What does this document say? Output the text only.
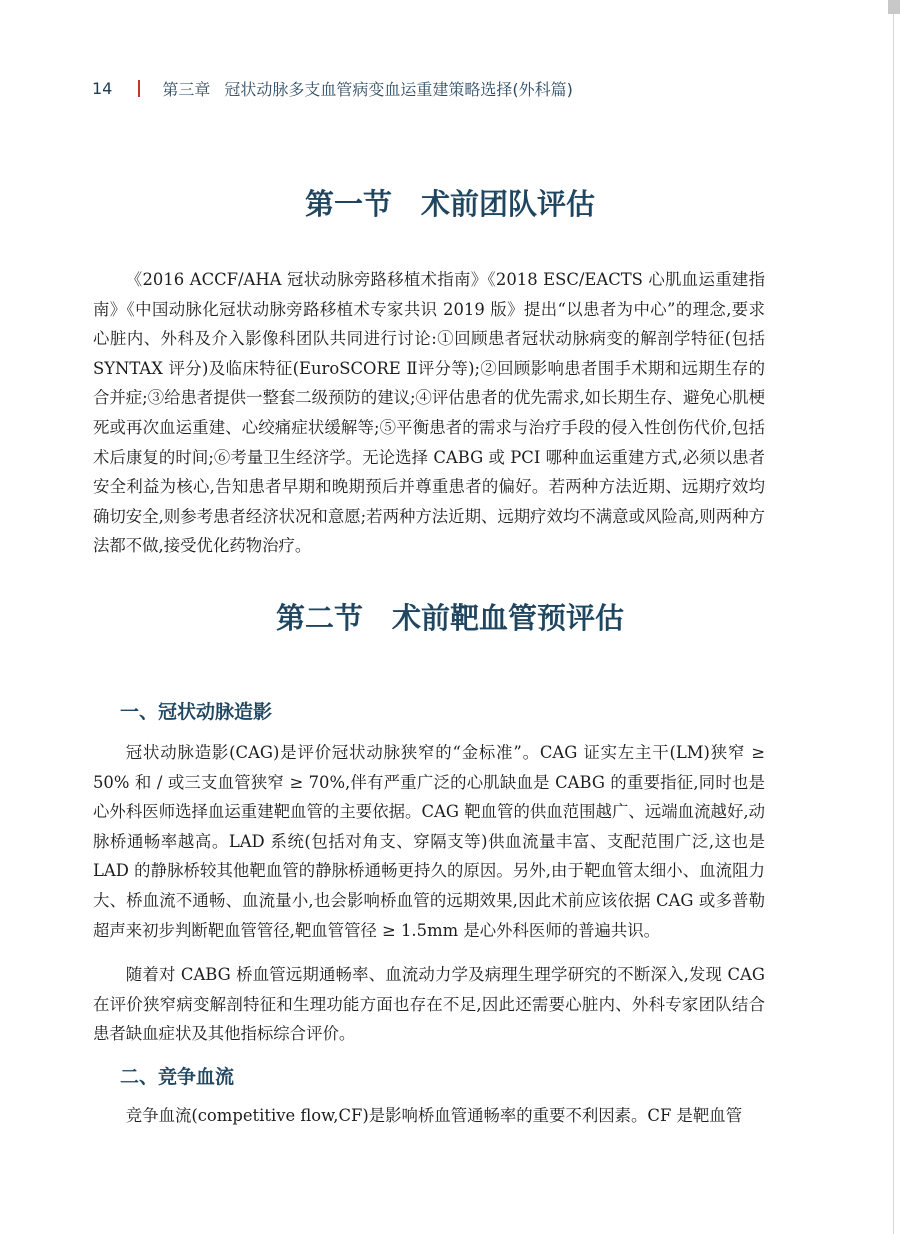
14	第三章 冠状动脉多支血管病变血运重建策略选择(外科篇)
第一节　术前团队评估

《2016 ACCF/AHA 冠状动脉旁路移植术指南》《2018 ESC/EACTS 心肌血运重建指南》《中国动脉化冠状动脉旁路移植术专家共识 2019 版》提出“以患者为中心”的理念,要求心脏内、外科及介入影像科团队共同进行讨论:①回顾患者冠状动脉病变的解剖学特征(包括 SYNTAX 评分)及临床特征(EuroSCORE Ⅱ评分等);②回顾影响患者围手术期和远期生存的合并症;③给患者提供一整套二级预防的建议;④评估患者的优先需求,如长期生存、避免心肌梗死或再次血运重建、心绞痛症状缓解等;⑤平衡患者的需求与治疗手段的侵入性创伤代价,包括术后康复的时间;⑥考量卫生经济学。无论选择 CABG 或 PCI 哪种血运重建方式,必须以患者安全利益为核心,告知患者早期和晚期预后并尊重患者的偏好。若两种方法近期、远期疗效均确切安全,则参考患者经济状况和意愿;若两种方法近期、远期疗效均不满意或风险高,则两种方法都不做,接受优化药物治疗。

第二节　术前靶血管预评估
一、冠状动脉造影

冠状动脉造影(CAG)是评价冠状动脉狭窄的“金标准”。CAG 证实左主干(LM)狭窄 ≥ 50% 和 / 或三支血管狭窄 ≥ 70%,伴有严重广泛的心肌缺血是 CABG 的重要指征,同时也是心外科医师选择血运重建靶血管的主要依据。CAG 靶血管的供血范围越广、远端血流越好,动脉桥通畅率越高。LAD 系统(包括对角支、穿隔支等)供血流量丰富、支配范围广泛,这也是 LAD 的静脉桥较其他靶血管的静脉桥通畅更持久的原因。另外,由于靶血管太细小、血流阻力大、桥血流不通畅、血流量小,也会影响桥血管的远期效果,因此术前应该依据 CAG 或多普勒超声来初步判断靶血管管径,靶血管管径 ≥ 1.5mm 是心外科医师的普遍共识。

随着对 CABG 桥血管远期通畅率、血流动力学及病理生理学研究的不断深入,发现 CAG 在评价狭窄病变解剖特征和生理功能方面也存在不足,因此还需要心脏内、外科专家团队结合患者缺血症状及其他指标综合评价。

二、竞争血流

竞争血流(competitive flow,CF)是影响桥血管通畅率的重要不利因素。CF 是靶血管
